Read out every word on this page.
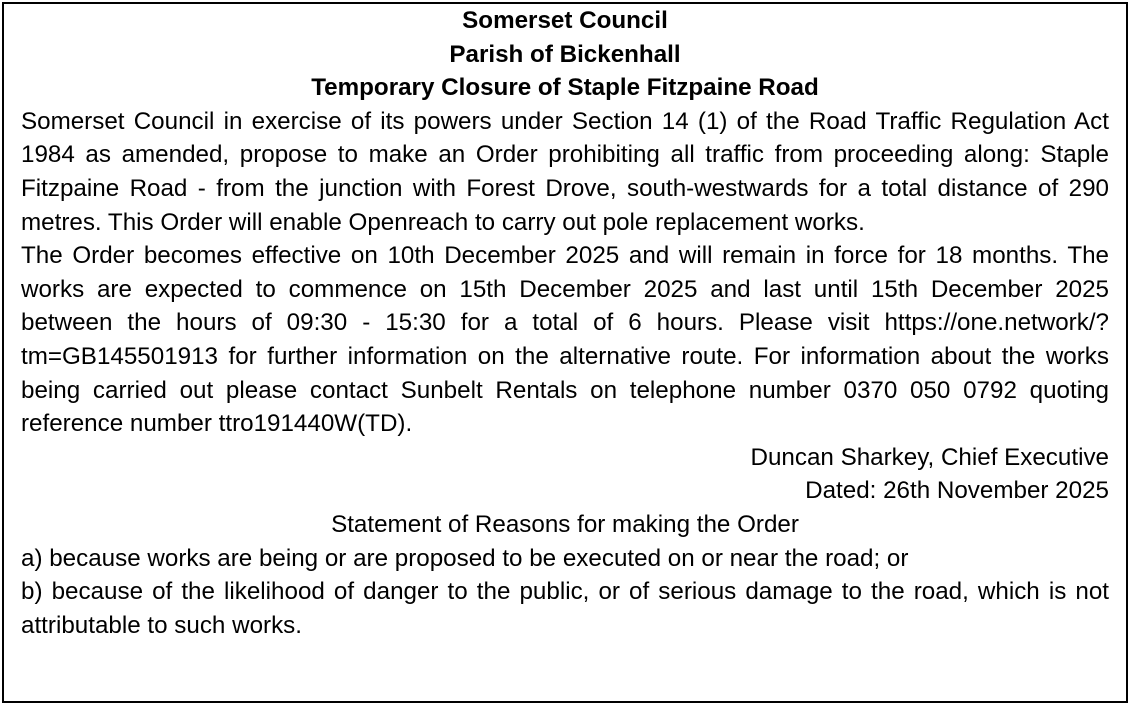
Somerset Council

Parish of Bickenhall

Temporary Closure of Staple Fitzpaine Road

Somerset Council in exercise of its powers under Section 14 (1) of the Road Traffic Regulation Act 1984 as amended, propose to make an Order prohibiting all traffic from proceeding along: Staple Fitzpaine Road - from the junction with Forest Drove, south-westwards for a total distance of 290 metres. This Order will enable Openreach to carry out pole replacement works.

The Order becomes effective on 10th December 2025 and will remain in force for 18 months. The works are expected to commence on 15th December 2025 and last until 15th December 2025 between the hours of 09:30 - 15:30 for a total of 6 hours. Please visit https://one.network/?tm=GB145501913 for further information on the alternative route. For information about the works being carried out please contact Sunbelt Rentals on telephone number 0370 050 0792 quoting reference number ttro191440W(TD).

Duncan Sharkey, Chief Executive

Dated: 26th November 2025

Statement of Reasons for making the Order

a) because works are being or are proposed to be executed on or near the road; or

b) because of the likelihood of danger to the public, or of serious damage to the road, which is not attributable to such works.
